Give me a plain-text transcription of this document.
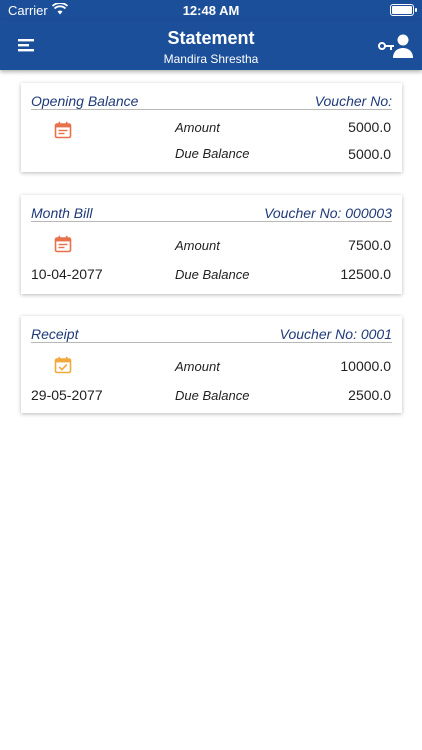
Carrier	12:48 AM
Statement
Mandira Shrestha
Opening Balance	Voucher No:
Amount	5000.0
Due Balance	5000.0
Month Bill	Voucher No: 000003
Amount	7500.0
10-04-2077	Due Balance	12500.0
Receipt	Voucher No: 0001
Amount	10000.0
29-05-2077	Due Balance	2500.0
